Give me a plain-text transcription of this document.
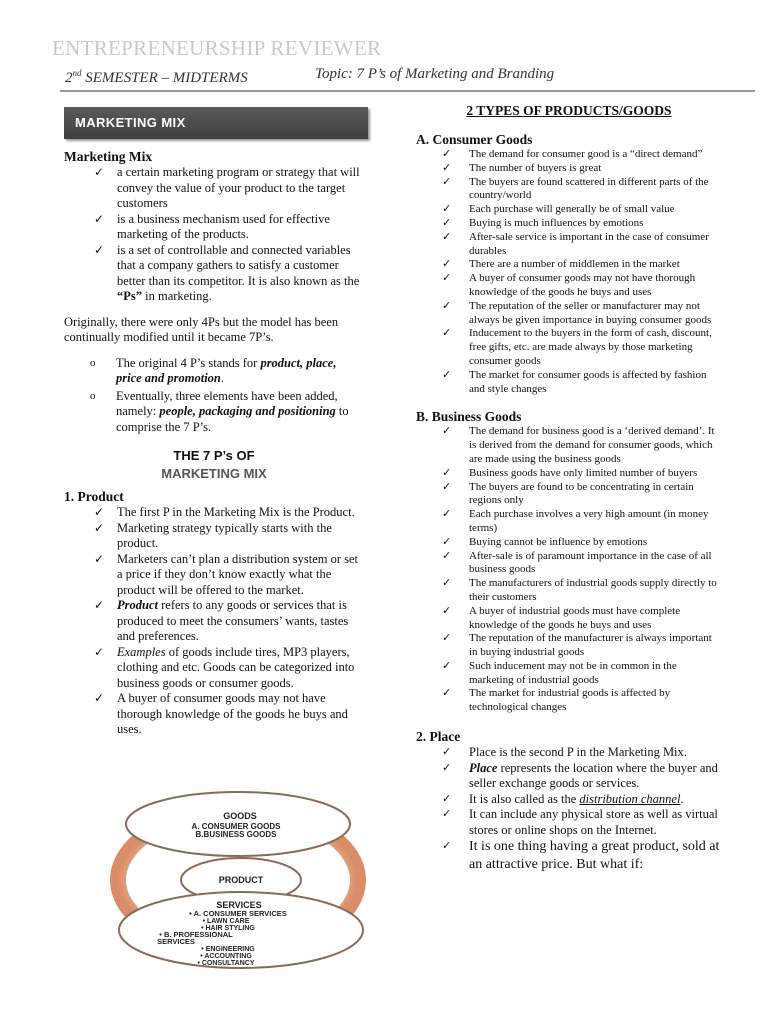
ENTREPRENEURSHIP REVIEWER
2nd SEMESTER – MIDTERMS	Topic: 7 P’s of Marketing and Branding
MARKETING MIX
Marketing Mix
✓ a certain marketing program or strategy that will convey the value of your product to the target customers
✓ is a business mechanism used for effective marketing of the products.
✓ is a set of controllable and connected variables that a company gathers to satisfy a customer better than its competitor. It is also known as the “Ps” in marketing.

Originally, there were only 4Ps but the model has been continually modified until it became 7P’s.

o The original 4 P’s stands for product, place, price and promotion.
o Eventually, three elements have been added, namely: people, packaging and positioning to comprise the 7 P’s.
THE 7 P’s OF
MARKETING MIX
1. Product
✓ The first P in the Marketing Mix is the Product.
✓ Marketing strategy typically starts with the product.
✓ Marketers can’t plan a distribution system or set a price if they don’t know exactly what the product will be offered to the market.
✓ Product refers to any goods or services that is produced to meet the consumers’ wants, tastes and preferences.
✓ Examples of goods include tires, MP3 players, clothing and etc. Goods can be categorized into business goods or consumer goods.
✓ A buyer of consumer goods may not have thorough knowledge of the goods he buys and uses.
GOODS
A. CONSUMER GOODS
B.BUSINESS GOODS
PRODUCT
SERVICES
• A. CONSUMER SERVICES
• LAWN CARE
• HAIR STYLING
• B. PROFESSIONAL
SERVICES
• ENGINEERING
• ACCOUNTING
• CONSULTANCY
2 TYPES OF PRODUCTS/GOODS
A. Consumer Goods
✓ The demand for consumer good is a “direct demand”
✓ The number of buyers is great
✓ The buyers are found scattered in different parts of the country/world
✓ Each purchase will generally be of small value
✓ Buying is much influences by emotions
✓ After-sale service is important in the case of consumer durables
✓ There are a number of middlemen in the market
✓ A buyer of consumer goods may not have thorough knowledge of the goods he buys and uses
✓ The reputation of the seller or manufacturer may not always be given importance in buying consumer goods
✓ Inducement to the buyers in the form of cash, discount, free gifts, etc. are made always by those marketing consumer goods
✓ The market for consumer goods is affected by fashion and style changes
B. Business Goods
✓ The demand for business good is a ‘derived demand’. It is derived from the demand for consumer goods, which are made using the business goods
✓ Business goods have only limited number of buyers
✓ The buyers are found to be concentrating in certain regions only
✓ Each purchase involves a very high amount (in money terms)
✓ Buying cannot be influence by emotions
✓ After-sale is of paramount importance in the case of all business goods
✓ The manufacturers of industrial goods supply directly to their customers
✓ A buyer of industrial goods must have complete knowledge of the goods he buys and uses
✓ The reputation of the manufacturer is always important in buying industrial goods
✓ Such inducement may not be in common in the marketing of industrial goods
✓ The market for industrial goods is affected by technological changes
2. Place
✓ Place is the second P in the Marketing Mix.
✓ Place represents the location where the buyer and seller exchange goods or services.
✓ It is also called as the distribution channel.
✓ It can include any physical store as well as virtual stores or online shops on the Internet.
✓ It is one thing having a great product, sold at an attractive price. But what if:
